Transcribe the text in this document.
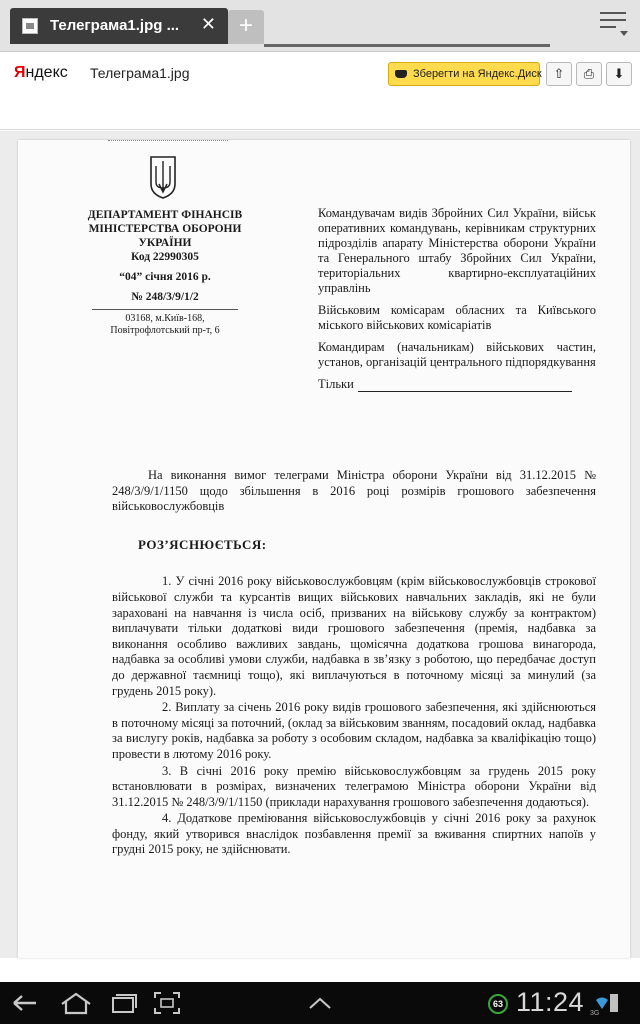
Телеграма1.jpg ... ✕ +
Яндекс Телеграма1.jpg	Зберегти на Яндекс.Диск ⇧	⎙	⬇
ДЕПАРТАМЕНТ ФІНАНСІВ МІНІСТЕРСТВА ОБОРОНИ УКРАЇНИ
Код 22990305
“04” січня 2016 р.
№ 248/3/9/1/2
03168, м.Київ-168,
Повітрофлотський пр-т, 6

Командувачам видів Збройних Сил України, військ оперативних командувань, керівникам структурних підрозділів апарату Міністерства оборони України та Генерального штабу Збройних Сил України, територіальних квартирно-експлуатаційних управлінь

Військовим комісарам обласних та Київського міського військових комісаріатів

Командирам (начальникам) військових частин, установ, організацій центрального підпорядкування

Тільки

На виконання вимог телеграми Міністра оборони України від 31.12.2015 № 248/3/9/1/1150 щодо збільшення в 2016 році розмірів грошового забезпечення військовослужбовців

РОЗ’ЯСНЮЄТЬСЯ:

1. У січні 2016 року військовослужбовцям (крім військовослужбовців строкової військової служби та курсантів вищих військових навчальних закладів, які не були зараховані на навчання із числа осіб, призваних на військову службу за контрактом) виплачувати тільки додаткові види грошового забезпечення (премія, надбавка за виконання особливо важливих завдань, щомісячна додаткова грошова винагорода, надбавка за особливі умови служби, надбавка в зв’язку з роботою, що передбачає доступ до державної таємниці тощо), які виплачуються в поточному місяці за минулий (за грудень 2015 року).

2. Виплату за січень 2016 року видів грошового забезпечення, які здійснюються в поточному місяці за поточний, (оклад за військовим званням, посадовий оклад, надбавка за вислугу років, надбавка за роботу з особовим складом, надбавка за кваліфікацію тощо) провести в лютому 2016 року.

3. В січні 2016 року премію військовослужбовцям за грудень 2015 року встановлювати в розмірах, визначених телеграмою Міністра оборони України від 31.12.2015 № 248/3/9/1/1150 (приклади нарахування грошового забезпечення додаються).

4. Додаткове преміювання військовослужбовців у січні 2016 року за рахунок фонду, який утворився внаслідок позбавлення премії за вживання спиртних напоїв у грудні 2015 року, не здійснювати.

63 11:24 3G
